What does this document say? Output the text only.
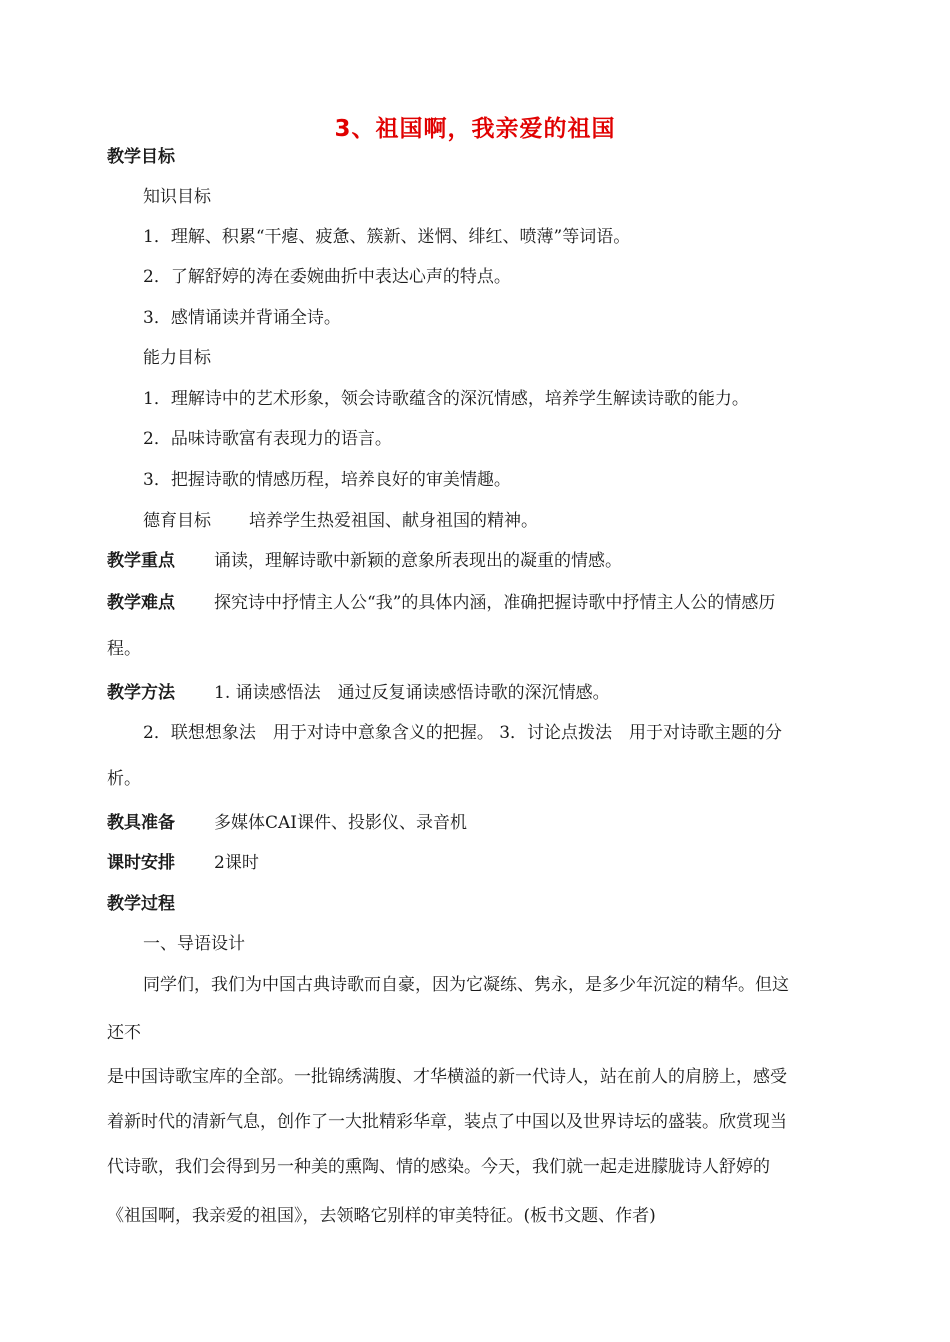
3、祖国啊，我亲爱的祖国
教学目标
知识目标
1．理解、积累“干瘪、疲惫、簇新、迷惘、绯红、喷薄”等词语。
2．了解舒婷的涛在委婉曲折中表达心声的特点。
3．感情诵读并背诵全诗。
能力目标
1．理解诗中的艺术形象，领会诗歌蕴含的深沉情感，培养学生解读诗歌的能力。
2．品味诗歌富有表现力的语言。
3．把握诗歌的情感历程，培养良好的审美情趣。
德育目标 培养学生热爱祖国、献身祖国的精神。
教学重点 诵读，理解诗歌中新颖的意象所表现出的凝重的情感。
教学难点 探究诗中抒情主人公“我”的具体内涵，准确把握诗歌中抒情主人公的情感历
程。
教学方法 1. 诵读感悟法　通过反复诵读感悟诗歌的深沉情感。
2．联想想象法　用于对诗中意象含义的把握。 3．讨论点拨法　用于对诗歌主题的分
析。
教具准备 多媒体CAI课件、投影仪、录音机
课时安排 2课时
教学过程
一、导语设计
同学们，我们为中国古典诗歌而自豪，因为它凝练、隽永，是多少年沉淀的精华。但这
还不
是中国诗歌宝库的全部。一批锦绣满腹、才华横溢的新一代诗人，站在前人的肩膀上，感受
着新时代的清新气息，创作了一大批精彩华章，装点了中国以及世界诗坛的盛装。欣赏现当
代诗歌，我们会得到另一种美的熏陶、情的感染。今天，我们就一起走进朦胧诗人舒婷的
《祖国啊，我亲爱的祖国》，去领略它别样的审美特征。(板书文题、作者)
